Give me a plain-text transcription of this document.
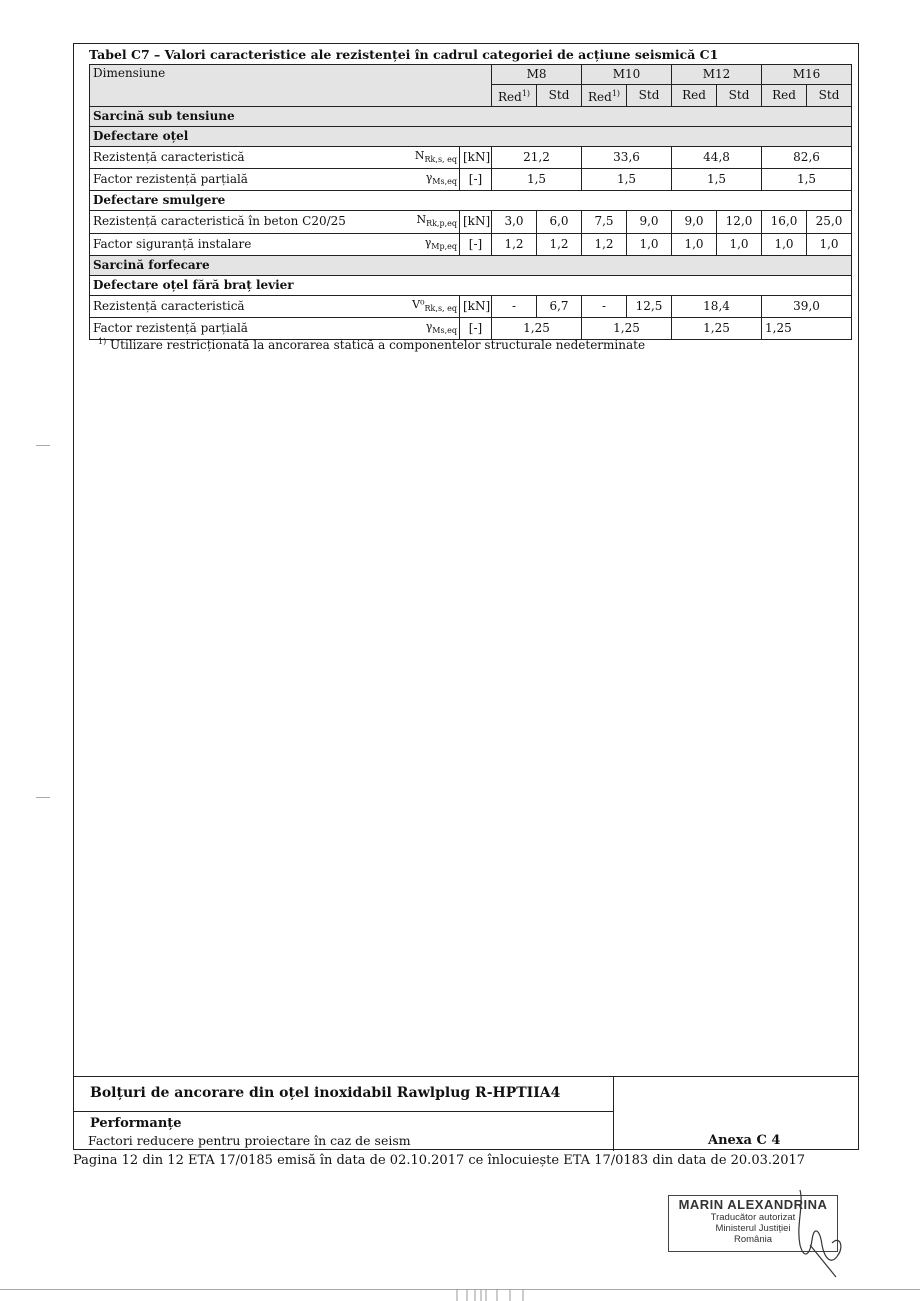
Tabel C7 – Valori caracteristice ale rezistenței în cadrul categoriei de acțiune seismică C1
Dimensiune			M8		M10		M12		M16	
			Red$^{1)}$	Std	Red$^{1)}$	Std	Red	Std	Red	Std
Sarcină sub tensiune										
Defectare oțel										
Rezistență caracteristică	$N_{Rk,s, eq}$	[kN]	21,2		33,6		44,8		82,6	
Factor rezistență parțială	$\gamma_{Ms,eq}$	[-]	1,5		1,5		1,5		1,5	
Defectare smulgere										
Rezistență caracteristică în beton C20/25	$N_{Rk,p,eq}$	[kN]	3,0	6,0	7,5	9,0	9,0	12,0	16,0	25,0
Factor siguranță instalare	$\gamma_{Mp,eq}$	[-]	1,2	1,2	1,2	1,0	1,0	1,0	1,0	1,0
Sarcină forfecare										
Defectare oțel fără braț levier										
Rezistență caracteristică	$V^0_{Rk,s, eq}$	[kN]	-	6,7	-	12,5	18,4		39,0	
Factor rezistență parțială	$\gamma_{Ms,eq}$	[-]	1,25		1,25		1,25		1,25	
$^{1)}$ Utilizare restricționată la ancorarea statică a componentelor structurale nedeterminate
Bolțuri de ancorare din oțel inoxidabil Rawlplug R-HPTIIA4
Performanțe
Factori reducere pentru proiectare în caz de seism	Anexa C 4
Pagina 12 din 12 ETA 17/0185 emisă în data de 02.10.2017 ce înlocuiește ETA 17/0183 din data de 20.03.2017
MARIN ALEXANDRINA
Traducător autorizat
Ministerul Justiției
România
